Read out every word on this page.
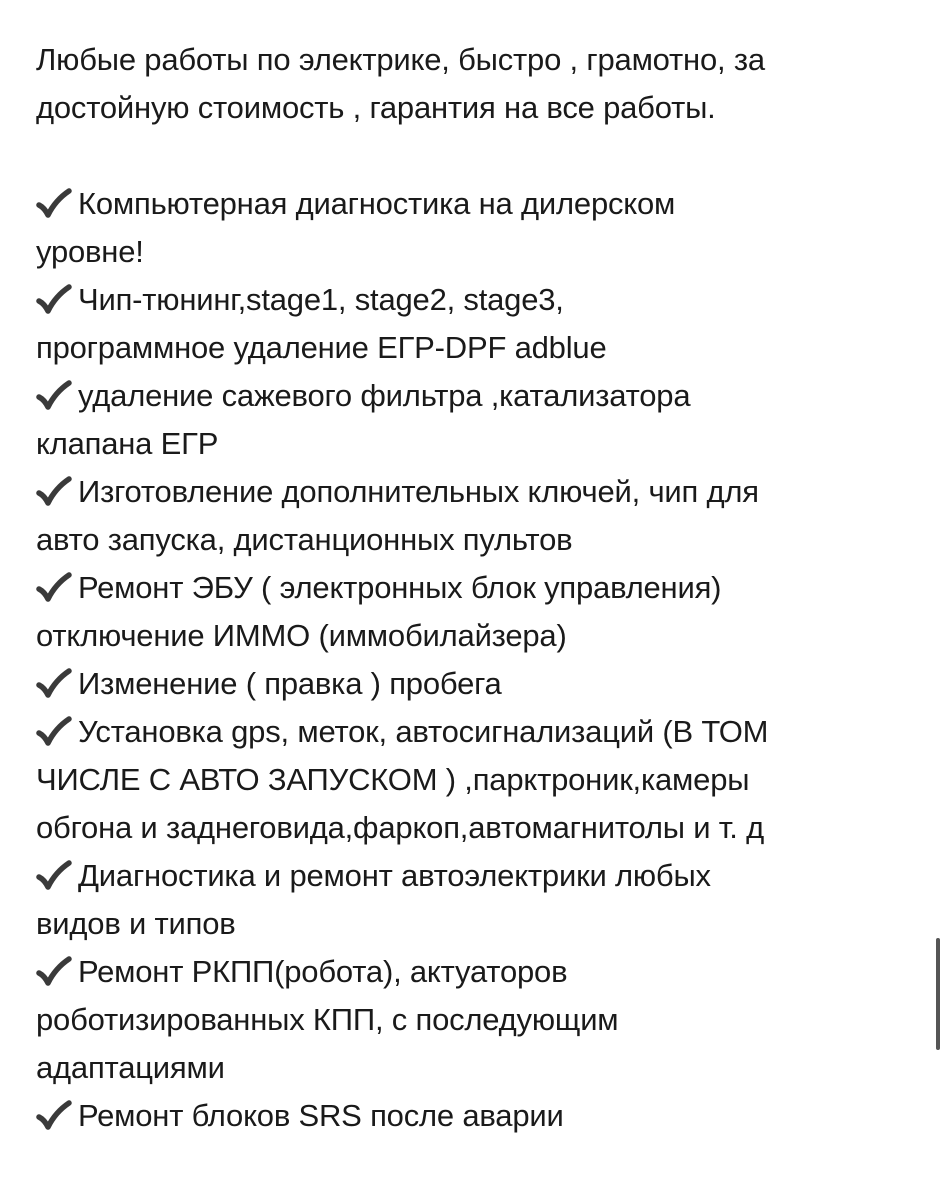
Любые работы по электрике, быстро , грамотно, за
достойную стоимость , гарантия на все работы.
Компьютерная диагностика на дилерском
уровне!
Чип-тюнинг,stage1, stage2, stage3,
программное удаление ЕГР-DPF adblue
удаление сажевого фильтра ,катализатора
клапана ЕГР
Изготовление дополнительных ключей, чип для
авто запуска, дистанционных пультов
Ремонт ЭБУ ( электронных блок управления)
отключение ИММО (иммобилайзера)
Изменение ( правка ) пробега
Установка gps, меток, автосигнализаций (В ТОМ
ЧИСЛЕ С АВТО ЗАПУСКОМ ) ,парктроник,камеры
обгона и заднеговида,фаркоп,автомагнитолы и т. д
Диагностика и ремонт автоэлектрики любых
видов и типов
Ремонт РКПП(робота), актуаторов
роботизированных КПП, с последующим
адаптациями
Ремонт блоков SRS после аварии
